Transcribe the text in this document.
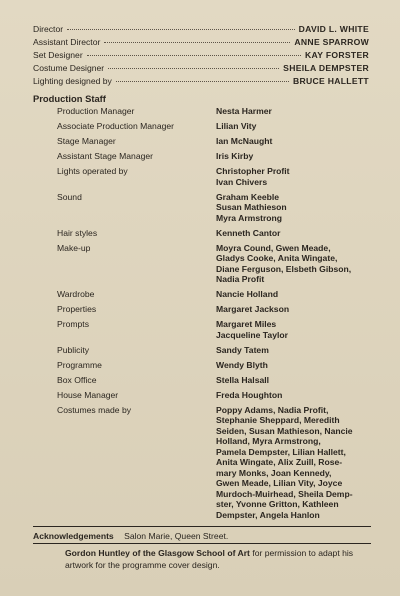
Director	DAVID L. WHITE
Assistant Director	ANNE SPARROW
Set Designer	KAY FORSTER
Costume Designer	SHEILA DEMPSTER
Lighting designed by	BRUCE HALLETT
Production Staff
Production Manager	Nesta Harmer
Associate Production Manager	Lilian Vity
Stage Manager	Ian McNaught
Assistant Stage Manager	Iris Kirby
Lights operated by	Christopher Profit
Ivan Chivers
Sound	Graham Keeble
Susan Mathieson
Myra Armstrong
Hair styles	Kenneth Cantor
Make-up	Moyra Cound, Gwen Meade,
Gladys Cooke, Anita Wingate,
Diane Ferguson, Elsbeth Gibson,
Nadia Profit
Wardrobe	Nancie Holland
Properties	Margaret Jackson
Prompts	Margaret Miles
Jacqueline Taylor
Publicity	Sandy Tatem
Programme	Wendy Blyth
Box Office	Stella Halsall
House Manager	Freda Houghton
Costumes made by	Poppy Adams, Nadia Profit,
Stephanie Sheppard, Meredith
Seiden, Susan Mathieson, Nancie
Holland, Myra Armstrong,
Pamela Dempster, Lilian Hallett,
Anita Wingate, Alix Zuill, Rose-
mary Monks, Joan Kennedy,
Gwen Meade, Lilian Vity, Joyce
Murdoch-Muirhead, Sheila Demp-
ster, Yvonne Gritton, Kathleen
Dempster, Angela Hanlon
Acknowledgements Salon Marie, Queen Street.
Gordon Huntley of the Glasgow School of Art for permission to adapt his artwork for the programme cover design.
